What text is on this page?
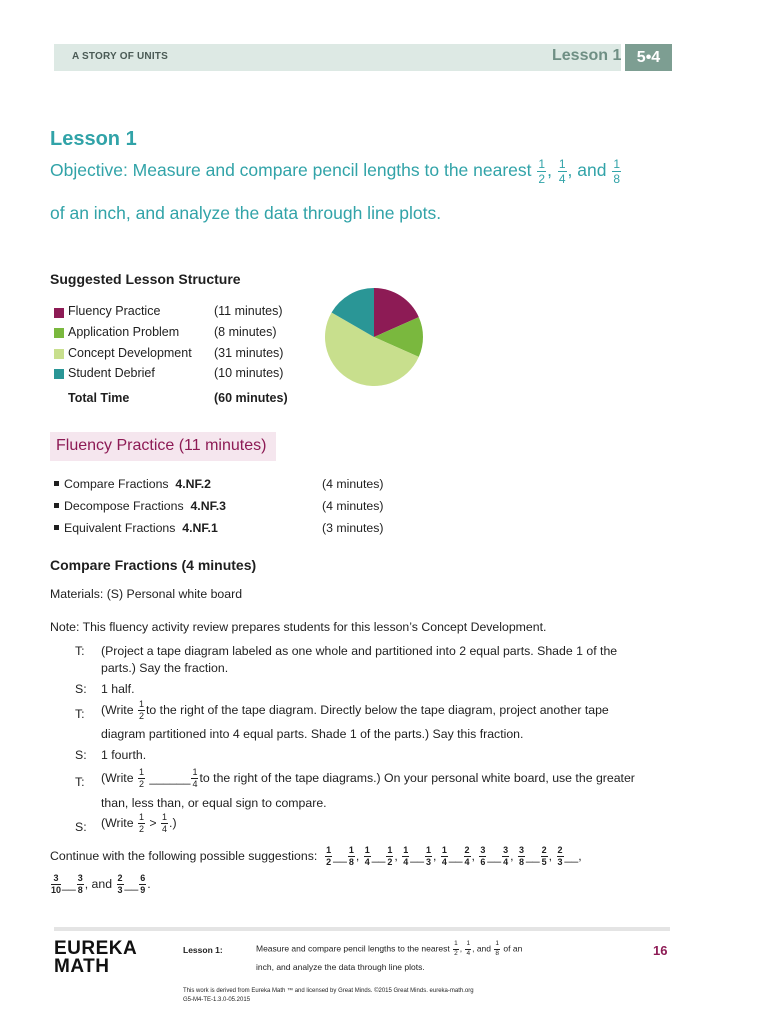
A STORY OF UNITS	Lesson 1 5•4
Lesson 1
Objective: Measure and compare pencil lengths to the nearest $\frac{1}{2}$ , $\frac{1}{4}$ , and $\frac{1}{8}$
of an inch, and analyze the data through line plots.
Suggested Lesson Structure
Fluency Practice	(11 minutes)
Application Problem	(8 minutes)
Concept Development (31 minutes)
Student Debrief	(10 minutes)
Total Time	(60 minutes)
Fluency Practice (11 minutes)
Compare Fractions 4.NF.2	(4 minutes)
Decompose Fractions 4.NF.3	(4 minutes)
Equivalent Fractions 4.NF.1	(3 minutes)
Compare Fractions (4 minutes)
Materials: (S) Personal white board
Note: This fluency activity review prepares students for this lesson’s Concept Development.
T: (Project a tape diagram labeled as one whole and partitioned into 2 equal parts. Shade 1 of the
parts.) Say the fraction.
S: 1 half.
T: (Write $\frac{1}{2}$ to the right of the tape diagram. Directly below the tape diagram, project another tape
diagram partitioned into 4 equal parts. Shade 1 of the parts.) Say this fraction.
S: 1 fourth.
T: (Write $\frac{1}{2}$ ______ $\frac{1}{4}$ to the right of the tape diagrams.) On your personal white board, use the greater
than, less than, or equal sign to compare.
S: (Write $\frac{1}{2} > \frac{1}{4}$ .)
Continue with the following possible suggestions: $\frac{1}{2}$ __ $\frac{1}{8}$ , $\frac{1}{4}$ __ $\frac{1}{2}$ , $\frac{1}{4}$ __ $\frac{1}{3}$ , $\frac{1}{4}$ __ $\frac{2}{4}$ , $\frac{3}{6}$ __ $\frac{3}{4}$ , $\frac{3}{8}$ __ $\frac{2}{5}$ , $\frac{2}{3}$ __,
$\frac{3}{10}$ __ $\frac{3}{8}$ , and $\frac{2}{3}$ __ $\frac{6}{9}$ .
EUREKA
MATH
Lesson 1:	Measure and compare pencil lengths to the nearest $\frac{1}{2}$ , $\frac{1}{4}$ , and $\frac{1}{8}$ of an
inch, and analyze the data through line plots.
16
This work is derived from Eureka Math ™ and licensed by Great Minds. ©2015 Great Minds. eureka-math.org
G5-M4-TE-1.3.0-05.2015
